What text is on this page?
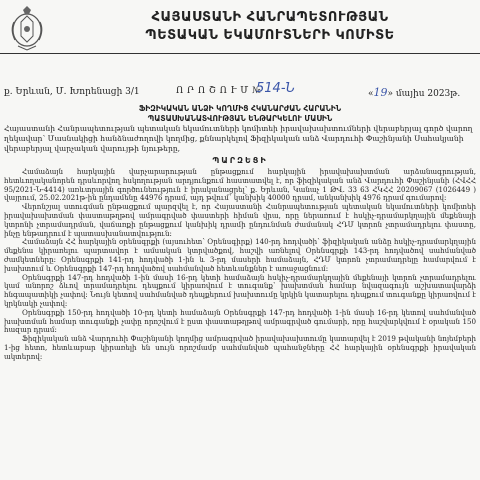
ՀԱՅԱՍՏԱՆԻ ՀԱՆՐԱՊԵՏՈՒԹՅԱՆ
ՊԵՏԱԿԱՆ ԵԿԱՄՈՒՏՆԵՐԻ ԿՈՄԻՏԵ
ք. Երևան, Մ. Խորենացի 3/1	Ո Ր Ո Շ Ո Ւ Մ №
514-Ն	«19» մայիս 2023թ.
ՖԻԶԻԿԱԿԱՆ ԱՆՁԻ ԿՈՂՄԻՑ ՀԿԱՆԱՐԺԱՆ ՀԱՐԱՆԻՆ
ՊԱՏԱՍԽԱՆԱՏՎՈՒԹՅԱՆ ԵՆԹԱՐԿԵԼՈՒ ՄԱՍԻՆ
Հայաստանի Հանրապետության պետական եկամուտների կոմիտեի իրավախախտումների վերաբերյալ գործ վարող ղեկավար՝ Մասնակիցի հանձնաժողովի կողմից, քննարկելով Ֆիզիկական անձ Վարդուհի Փաշինյանի Սահակյանի վերաբերյալ վարչական վարույթի նյութերը,
ՊԱՐԶԵՑԻ

Համաձայն հարկային վարչարարության ընթացքում հարկային իրավախախտման արձանագրության, հետևողականորեն դրսևորվող հսկողության արդյունքում հաստատվել է, որ ֆիզիկական անձ Վարդուհի Փաշինյանի (ՀՎՀՀ 95/2021-Ն-4414) առևտրային գործունեություն է իրականացրել՝ ք. Երևան, Կանաչ 1 ԹՎ. 33 63 ՀԿՀՀ 20209067 (1026449 ) վայրում, 25.02.2021թ-ին ընդամենը 44976 դրամ, այդ թվում՝ կանխիկ 40000 դրամ, անկանխիկ 4976 դրամ գումարով։

Վերոնշյալ ստուգման ընթացքում պարզվել է, որ Հայաստանի Հանրապետության պետական եկամուտների կոմիտեի իրավախախտման փաստաթղթով ամրագրված փաստերի հիման վրա, որը ներառում է հսկիչ-դրամարկղային մեքենայի կտրոնի չտրամադրման, վաճառքի ընթացքում կանխիկ դրամի ընդունման ժամանակ ՀԴՄ կտրոն չտրամադրելու փաստը, ինչը ենթադրում է պատասխանատվություն։

Համաձայն ՀՀ հարկային օրենսգրքի (այսուհետ՝ Օրենսգիրք) 140-րդ հոդվածի՝ ֆիզիկական անձը հսկիչ-դրամարկղային մեքենա կիրառելու պարտավոր է ամսական կտրվածքով, հաշվի առնելով Օրենսգրքի 143-րդ հոդվածով սահմանված ժամկետները։ Օրենսգրքի 141-րդ հոդվածի 1-ին և 3-րդ մասերի համաձայն, ՀԴՄ կտրոն չտրամադրելը համարվում է խախտում և Օրենսգրքի 147-րդ հոդվածով սահմանված հետևանքներ է առաջացնում։

Օրենսգրքի 147-րդ հոդվածի 1-ին մասի 16-րդ կետի համաձայն հսկիչ-դրամարկղային մեքենայի կտրոն չտրամադրելու կամ անորոշ ձևով տրամադրելու դեպքում կիրառվում է տուգանք՝ խախտման համար նվազագույն աշխատավարձի հնգապատիկի չափով։ Նույն կետով սահմանված դեպքերում խախտումը կրկին կատարելու դեպքում տուգանքը կիրառվում է կրկնակի չափով։

Օրենսգրքի 150-րդ հոդվածի 10-րդ կետի համաձայն Օրենսգրքի 147-րդ հոդվածի 1-ին մասի 16-րդ կետով սահմանված խախտման համար տուգանքի չափը որոշվում է ըստ փաստաթղթով ամրագրված գումարի, որը հաշվարկվում է օրական 150 հազար դրամ։

Ֆիզիկական անձ Վարդուհի Փաշինյանի կողմից ամրագրված իրավախախտումը կատարվել է 2019 թվականի նոյեմբերի 1-ից հետո, հետևաբար կիրառելի են սույն որոշմամբ սահմանված պահանջները ՀՀ հարկային օրենսգրքի իրավական ակտերով։
